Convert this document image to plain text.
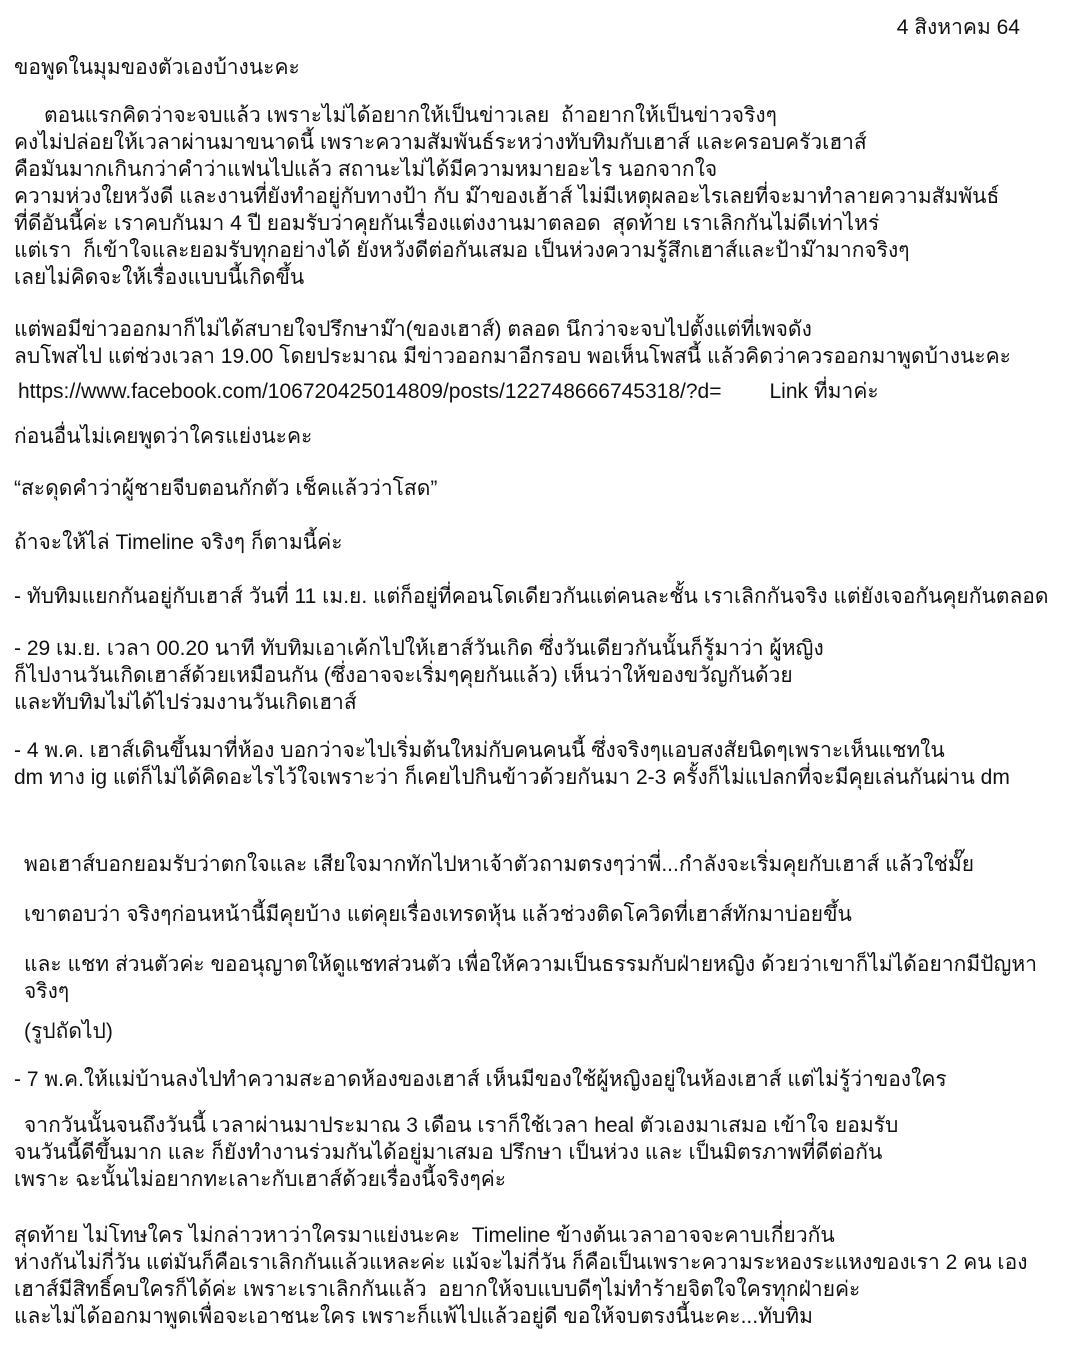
4 สิงหาคม 64
ขอพูดในมุมของตัวเองบ้างนะคะ
ตอนแรกคิดว่าจะจบแล้ว เพราะไม่ได้อยากให้เป็นข่าวเลย  ถ้าอยากให้เป็นข่าวจริงๆ
คงไม่ปล่อยให้เวลาผ่านมาขนาดนี้ เพราะความสัมพันธ์ระหว่างทับทิมกับเฮาส์ และครอบครัวเฮาส์
คือมันมากเกินกว่าคำว่าแฟนไปแล้ว สถานะไม่ได้มีความหมายอะไร นอกจากใจ
ความห่วงใยหวังดี และงานที่ยังทำอยู่กับทางป้า กับ ม๊าของเฮ้าส์ ไม่มีเหตุผลอะไรเลยที่จะมาทำลายความสัมพันธ์
ที่ดีอันนี้ค่ะ เราคบกันมา 4 ปี ยอมรับว่าคุยกันเรื่องแต่งงานมาตลอด  สุดท้าย เราเลิกกันไม่ดีเท่าไหร่
แต่เรา  ก็เข้าใจและยอมรับทุกอย่างได้ ยังหวังดีต่อกันเสมอ เป็นห่วงความรู้สึกเฮาส์และป้าม๊ามากจริงๆ
เลยไม่คิดจะให้เรื่องแบบนี้เกิดขึ้น
แต่พอมีข่าวออกมาก็ไม่ได้สบายใจปรึกษาม๊า(ของเฮาส์) ตลอด นึกว่าจะจบไปตั้งแต่ที่เพจดัง
ลบโพสไป แต่ช่วงเวลา 19.00 โดยประมาณ มีข่าวออกมาอีกรอบ พอเห็นโพสนี้ แล้วคิดว่าควรออกมาพูดบ้างนะคะ
https://www.facebook.com/106720425014809/posts/122748666745318/?d= Link ที่มาค่ะ
ก่อนอื่นไม่เคยพูดว่าใครแย่งนะคะ
“สะดุดคำว่าผู้ชายจีบตอนกักตัว เช็คแล้วว่าโสด”
ถ้าจะให้ไล่ Timeline จริงๆ ก็ตามนี้ค่ะ
- ทับทิมแยกกันอยู่กับเฮาส์ วันที่ 11 เม.ย. แต่ก็อยู่ที่คอนโดเดียวกันแต่คนละชั้น เราเลิกกันจริง แต่ยังเจอกันคุยกันตลอด
- 29 เม.ย. เวลา 00.20 นาที ทับทิมเอาเค้กไปให้เฮาส์วันเกิด ซึ่งวันเดียวกันนั้นก็รู้มาว่า ผู้หญิง
ก็ไปงานวันเกิดเฮาส์ด้วยเหมือนกัน (ซึ่งอาจจะเริ่มๆคุยกันแล้ว) เห็นว่าให้ของขวัญกันด้วย
และทับทิมไม่ได้ไปร่วมงานวันเกิดเฮาส์
- 4 พ.ค. เฮาส์เดินขึ้นมาที่ห้อง บอกว่าจะไปเริ่มต้นใหม่กับคนคนนี้ ซึ่งจริงๆแอบสงสัยนิดๆเพราะเห็นแชทใน
dm ทาง ig แต่ก็ไม่ได้คิดอะไรไว้ใจเพราะว่า ก็เคยไปกินข้าวด้วยกันมา 2-3 ครั้งก็ไม่แปลกที่จะมีคุยเล่นกันผ่าน dm
พอเฮาส์บอกยอมรับว่าตกใจและ เสียใจมากทักไปหาเจ้าตัวถามตรงๆว่าพี่...กำลังจะเริ่มคุยกับเฮาส์ แล้วใช่มั๊ย
เขาตอบว่า จริงๆก่อนหน้านี้มีคุยบ้าง แต่คุยเรื่องเทรดหุ้น แล้วช่วงติดโควิดที่เฮาส์ทักมาบ่อยขึ้น
และ แชท ส่วนตัวค่ะ ขออนุญาตให้ดูแชทส่วนตัว เพื่อให้ความเป็นธรรมกับฝ่ายหญิง ด้วยว่าเขาก็ไม่ได้อยากมีปัญหาจริงๆ
(รูปถัดไป)
- 7 พ.ค.ให้แม่บ้านลงไปทำความสะอาดห้องของเฮาส์ เห็นมีของใช้ผู้หญิงอยู่ในห้องเฮาส์ แต่ไม่รู้ว่าของใคร
จากวันนั้นจนถึงวันนี้ เวลาผ่านมาประมาณ 3 เดือน เราก็ใช้เวลา heal ตัวเองมาเสมอ เข้าใจ ยอมรับ
จนวันนี้ดีขึ้นมาก และ ก็ยังทำงานร่วมกันได้อยู่มาเสมอ ปรึกษา เป็นห่วง และ เป็นมิตรภาพที่ดีต่อกัน
เพราะ ฉะนั้นไม่อยากทะเลาะกับเฮาส์ด้วยเรื่องนี้จริงๆค่ะ
สุดท้าย ไม่โทษใคร ไม่กล่าวหาว่าใครมาแย่งนะคะ  Timeline ข้างต้นเวลาอาจจะคาบเกี่ยวกัน
ห่างกันไม่กี่วัน แต่มันก็คือเราเลิกกันแล้วแหละค่ะ แม้จะไม่กี่วัน ก็คือเป็นเพราะความระหองระแหงของเรา 2 คน เอง
เฮาส์มีสิทธิ์คบใครก็ได้ค่ะ เพราะเราเลิกกันแล้ว  อยากให้จบแบบดีๆไม่ทำร้ายจิตใจใครทุกฝ่ายค่ะ
และไม่ได้ออกมาพูดเพื่อจะเอาชนะใคร เพราะก็แพ้ไปแล้วอยู่ดี ขอให้จบตรงนี้นะคะ...ทับทิม
